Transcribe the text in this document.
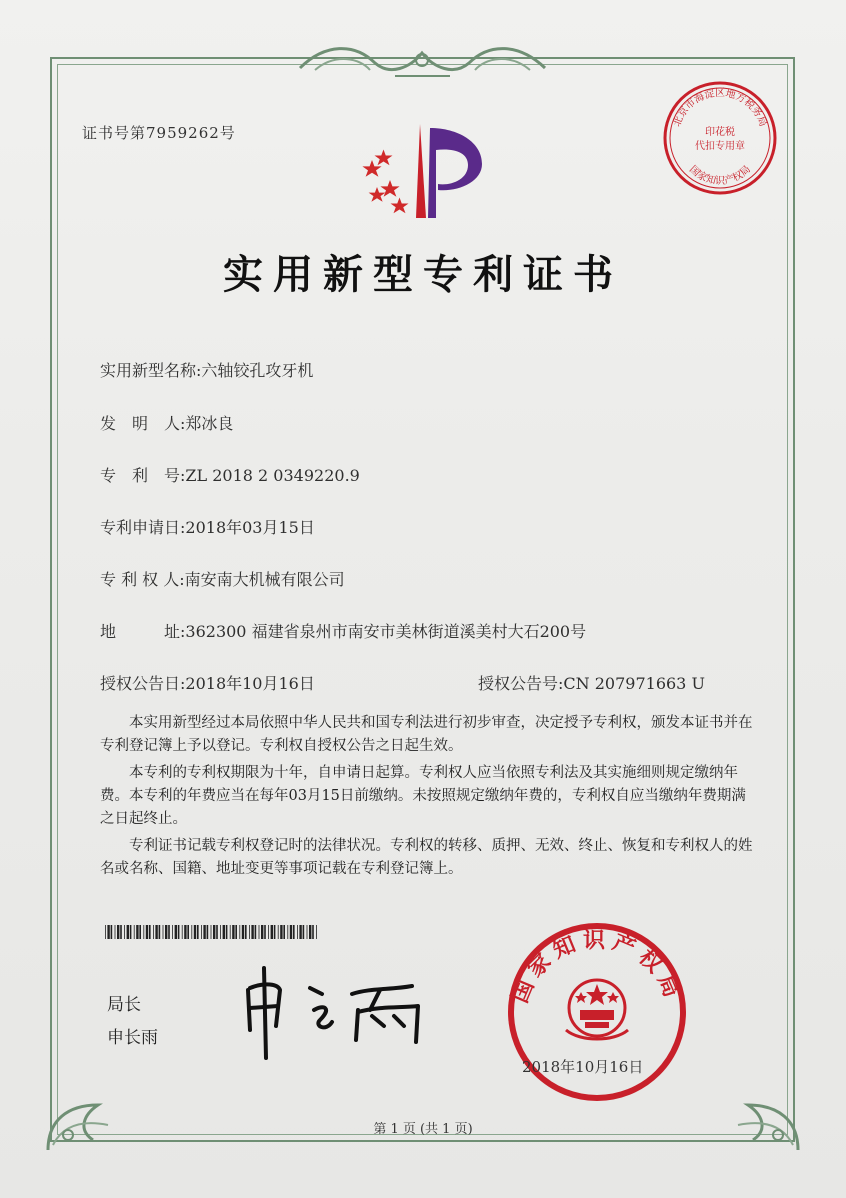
证书号第7959262号
北京市海淀区地方税务局
印花税
代扣专用章
国家知识产权局
实用新型专利证书
实用新型名称:六轴铰孔攻牙机
发　明　人:郑冰良
专　利　号:ZL 2018 2 0349220.9
专利申请日:2018年03月15日
专 利 权 人:南安南大机械有限公司
地　　　址:362300 福建省泉州市南安市美林街道溪美村大石200号
授权公告日:2018年10月16日	授权公告号:CN 207971663 U

本实用新型经过本局依照中华人民共和国专利法进行初步审查，决定授予专利权，颁发本证书并在专利登记簿上予以登记。专利权自授权公告之日起生效。

本专利的专利权期限为十年，自申请日起算。专利权人应当依照专利法及其实施细则规定缴纳年费。本专利的年费应当在每年03月15日前缴纳。未按照规定缴纳年费的，专利权自应当缴纳年费期满之日起终止。

专利证书记载专利权登记时的法律状况。专利权的转移、质押、无效、终止、恢复和专利权人的姓名或名称、国籍、地址变更等事项记载在专利登记簿上。

局长
申长雨
国家知识产权局
2018年10月16日
第 1 页 (共 1 页)
